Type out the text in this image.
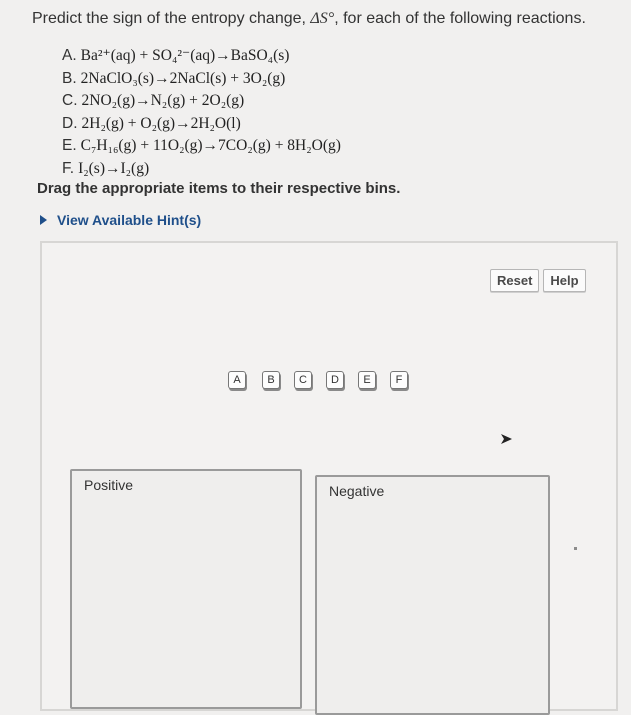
Predict the sign of the entropy change, ΔS°, for each of the following reactions.
A. Ba²⁺(aq) + SO₄²⁻(aq)→BaSO₄(s)
B. 2NaClO₃(s)→2NaCl(s) + 3O₂(g)
C. 2NO₂(g)→N₂(g) + 2O₂(g)
D. 2H₂(g) + O₂(g)→2H₂O(l)
E. C₇H₁₆(g) + 11O₂(g)→7CO₂(g) + 8H₂O(g)
F. I₂(s)→I₂(g)
Drag the appropriate items to their respective bins.
View Available Hint(s)
Reset	Help
A	B	C	D	E	F
Positive	Negative
